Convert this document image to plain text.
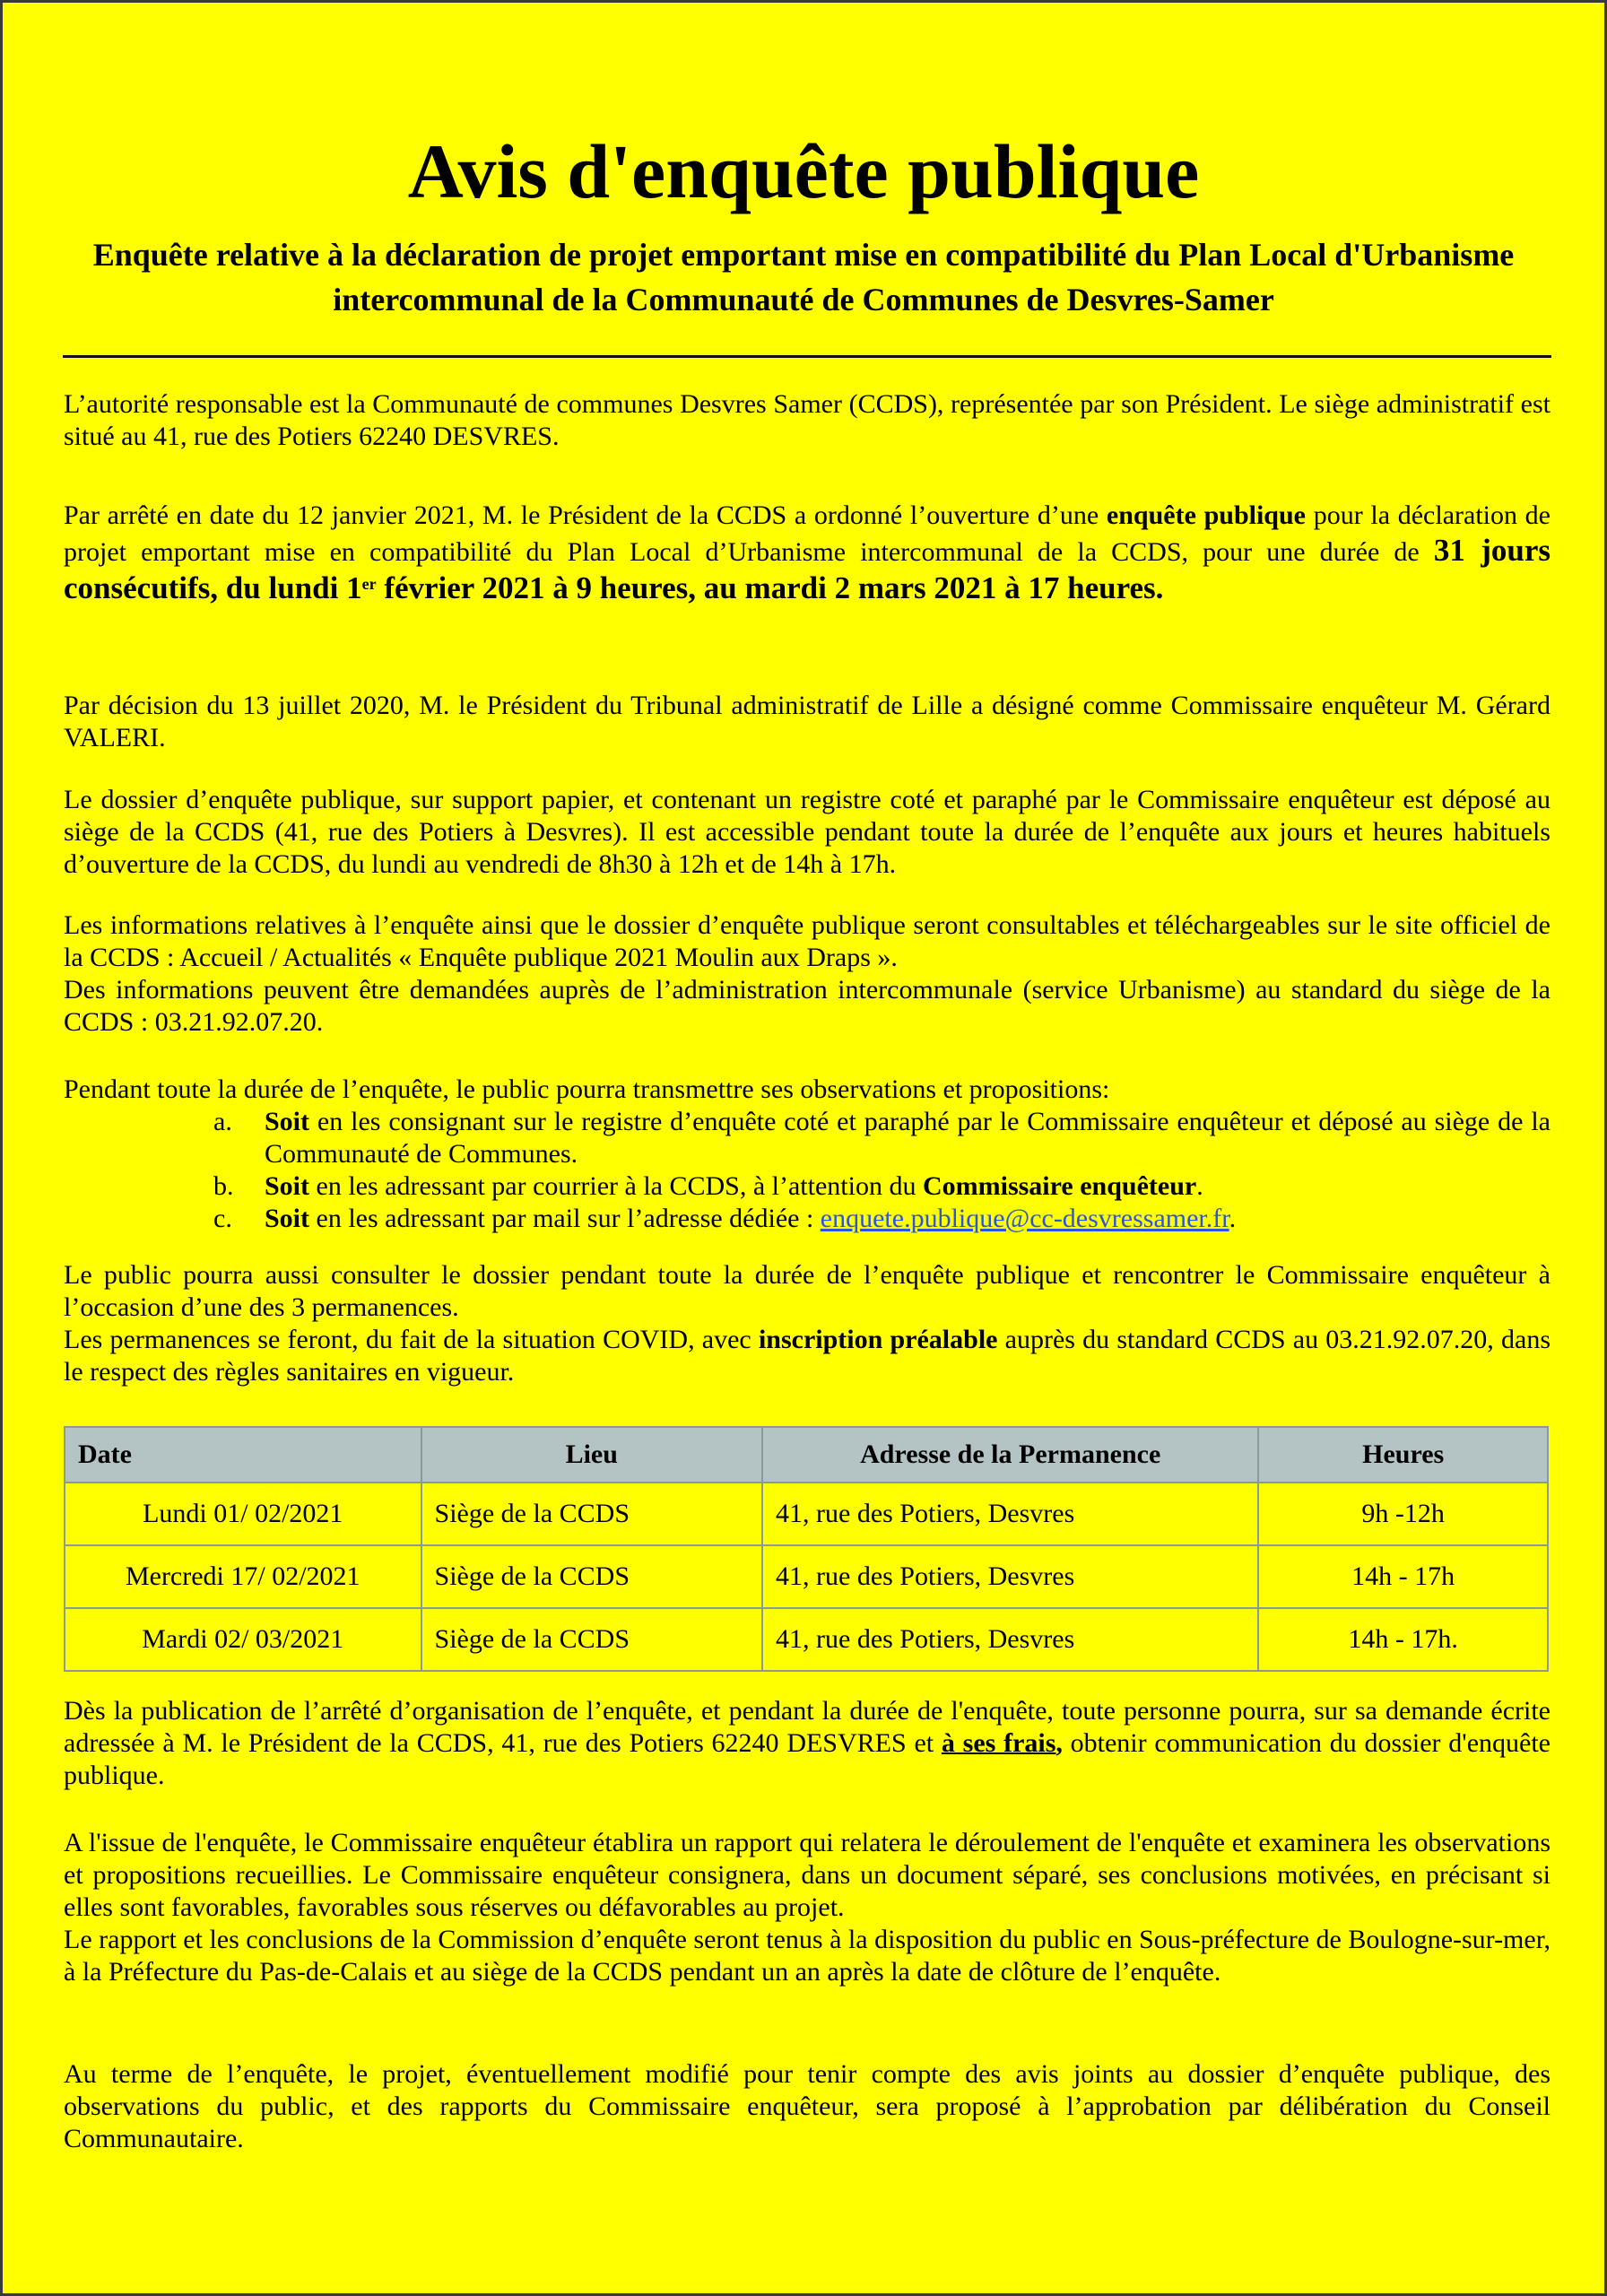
Avis d'enquête publique
Enquête relative à la déclaration de projet emportant mise en compatibilité du Plan Local d'Urbanisme intercommunal de la Communauté de Communes de Desvres-Samer

L’autorité responsable est la Communauté de communes Desvres Samer (CCDS), représentée par son Président. Le siège administratif est situé au 41, rue des Potiers 62240 DESVRES.

Par arrêté en date du 12 janvier 2021, M. le Président de la CCDS a ordonné l’ouverture d’une enquête publique pour la déclaration de projet emportant mise en compatibilité du Plan Local d’Urbanisme intercommunal de la CCDS, pour une durée de 31 jours consécutifs, du lundi 1er février 2021 à 9 heures, au mardi 2 mars 2021 à 17 heures.

Par décision du 13 juillet 2020, M. le Président du Tribunal administratif de Lille a désigné comme Commissaire enquêteur M. Gérard VALERI.

Le dossier d’enquête publique, sur support papier, et contenant un registre coté et paraphé par le Commissaire enquêteur est déposé au siège de la CCDS (41, rue des Potiers à Desvres). Il est accessible pendant toute la durée de l’enquête aux jours et heures habituels d’ouverture de la CCDS, du lundi au vendredi de 8h30 à 12h et de 14h à 17h.

Les informations relatives à l’enquête ainsi que le dossier d’enquête publique seront consultables et téléchargeables sur le site officiel de la CCDS : Accueil / Actualités « Enquête publique 2021 Moulin aux Draps ».

Des informations peuvent être demandées auprès de l’administration intercommunale (service Urbanisme) au standard du siège de la CCDS : 03.21.92.07.20.

Pendant toute la durée de l’enquête, le public pourra transmettre ses observations et propositions:

a. Soit en les consignant sur le registre d’enquête coté et paraphé par le Commissaire enquêteur et déposé au siège de la Communauté de Communes.
b. Soit en les adressant par courrier à la CCDS, à l’attention du Commissaire enquêteur.
c. Soit en les adressant par mail sur l’adresse dédiée : enquete.publique@cc-desvressamer.fr.

Le public pourra aussi consulter le dossier pendant toute la durée de l’enquête publique et rencontrer le Commissaire enquêteur à l’occasion d’une des 3 permanences.

Les permanences se feront, du fait de la situation COVID, avec inscription préalable auprès du standard CCDS au 03.21.92.07.20, dans le respect des règles sanitaires en vigueur.

Date	Lieu	Adresse de la Permanence	Heures
Lundi 01/ 02/2021	Siège de la CCDS	41, rue des Potiers, Desvres	9h -12h
Mercredi 17/ 02/2021	Siège de la CCDS	41, rue des Potiers, Desvres	14h - 17h
Mardi 02/ 03/2021	Siège de la CCDS	41, rue des Potiers, Desvres	14h - 17h.

Dès la publication de l’arrêté d’organisation de l’enquête, et pendant la durée de l'enquête, toute personne pourra, sur sa demande écrite adressée à M. le Président de la CCDS, 41, rue des Potiers 62240 DESVRES et à ses frais, obtenir communication du dossier d'enquête publique.

A l'issue de l'enquête, le Commissaire enquêteur établira un rapport qui relatera le déroulement de l'enquête et examinera les observations et propositions recueillies. Le Commissaire enquêteur consignera, dans un document séparé, ses conclusions motivées, en précisant si elles sont favorables, favorables sous réserves ou défavorables au projet.

Le rapport et les conclusions de la Commission d’enquête seront tenus à la disposition du public en Sous-préfecture de Boulogne-sur-mer, à la Préfecture du Pas-de-Calais et au siège de la CCDS pendant un an après la date de clôture de l’enquête.

Au terme de l’enquête, le projet, éventuellement modifié pour tenir compte des avis joints au dossier d’enquête publique, des observations du public, et des rapports du Commissaire enquêteur, sera proposé à l’approbation par délibération du Conseil Communautaire.
